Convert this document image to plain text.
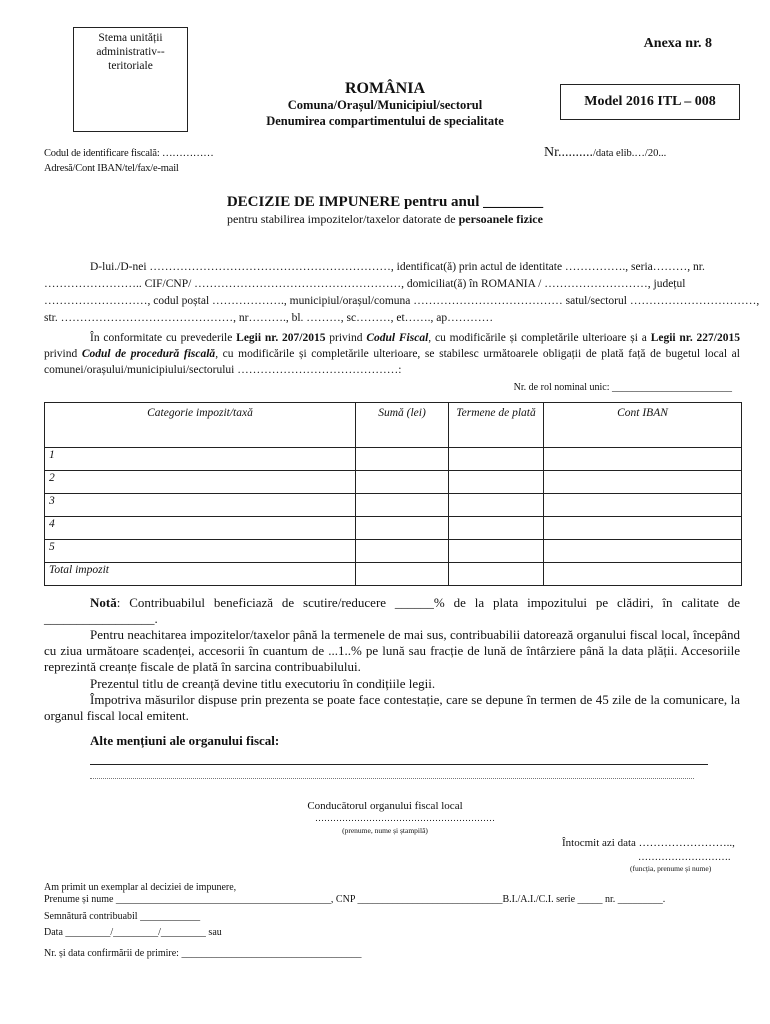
Stema unității administrativ-- teritoriale
Anexa nr. 8
ROMÂNIA
Comuna/Orașul/Municipiul/sectorul
Denumirea compartimentului de specialitate
Model 2016 ITL – 008
Codul de identificare fiscală: ……………
Adresă/Cont IBAN/tel/fax/e-mail
Nr........../data elib.…/20...
DECIZIE DE IMPUNERE pentru anul ________
pentru stabilirea impozitelor/taxelor datorate de persoanele fizice
D-lui./D-nei ………………………………………………………, identificat(ă) prin actul de identitate ……………., seria………, nr.
…………………….. CIF/CNP/ ………………………………………………, domiciliat(ă) în ROMANIA / ………………………, județul
………………………, codul poștal ………………., municipiul/orașul/comuna ………………………………… satul/sectorul ……………………………,
str. ………………………………………, nr………., bl. ………, sc………, et……., ap…………
În conformitate cu prevederile Legii nr. 207/2015 privind Codul Fiscal, cu modificările și completările ulterioare și a Legii nr. 227/2015 privind Codul de procedură fiscală, cu modificările și completările ulterioare, se stabilesc următoarele obligații de plată față de bugetul local al comunei/orașului/municipiului/sectorului ……………………………………:
Nr. de rol nominal unic: ________________________
Categorie impozit/taxă	Sumă (lei)	Termene de plată	Cont IBAN
1			
2			
3			
4			
5			
Total impozit			
Notă: Contribuabilul beneficiază de scutire/reducere ______% de la plata impozitului pe clădiri, în calitate de _________________.
Pentru neachitarea impozitelor/taxelor până la termenele de mai sus, contribuabilii datorează organului fiscal local, începând cu ziua următoare scadenței, accesorii în cuantum de ...1..% pe lună sau fracție de lună de întârziere până la data plății. Accesoriile reprezintă creanțe fiscale de plată în sarcina contribuabilului.
Prezentul titlu de creanță devine titlu executoriu în condițiile legii.
Împotriva măsurilor dispuse prin prezenta se poate face contestație, care se depune în termen de 45 zile de la comunicare, la organul fiscal local emitent.
Alte mențiuni ale organului fiscal:
Conducătorul organului fiscal local
……………………………………………………
(prenume, nume și ștampilă)
Întocmit azi data ……………………..,
……………………….
(funcția, prenume și nume)
Am primit un exemplar al deciziei de impunere,
Prenume și nume ___________________________________________, CNP _____________________________B.I./A.I./C.I. serie _____ nr. _________.
Semnătură contribuabil ____________
Data _________/_________/_________ sau
Nr. și data confirmării de primire: ____________________________________
